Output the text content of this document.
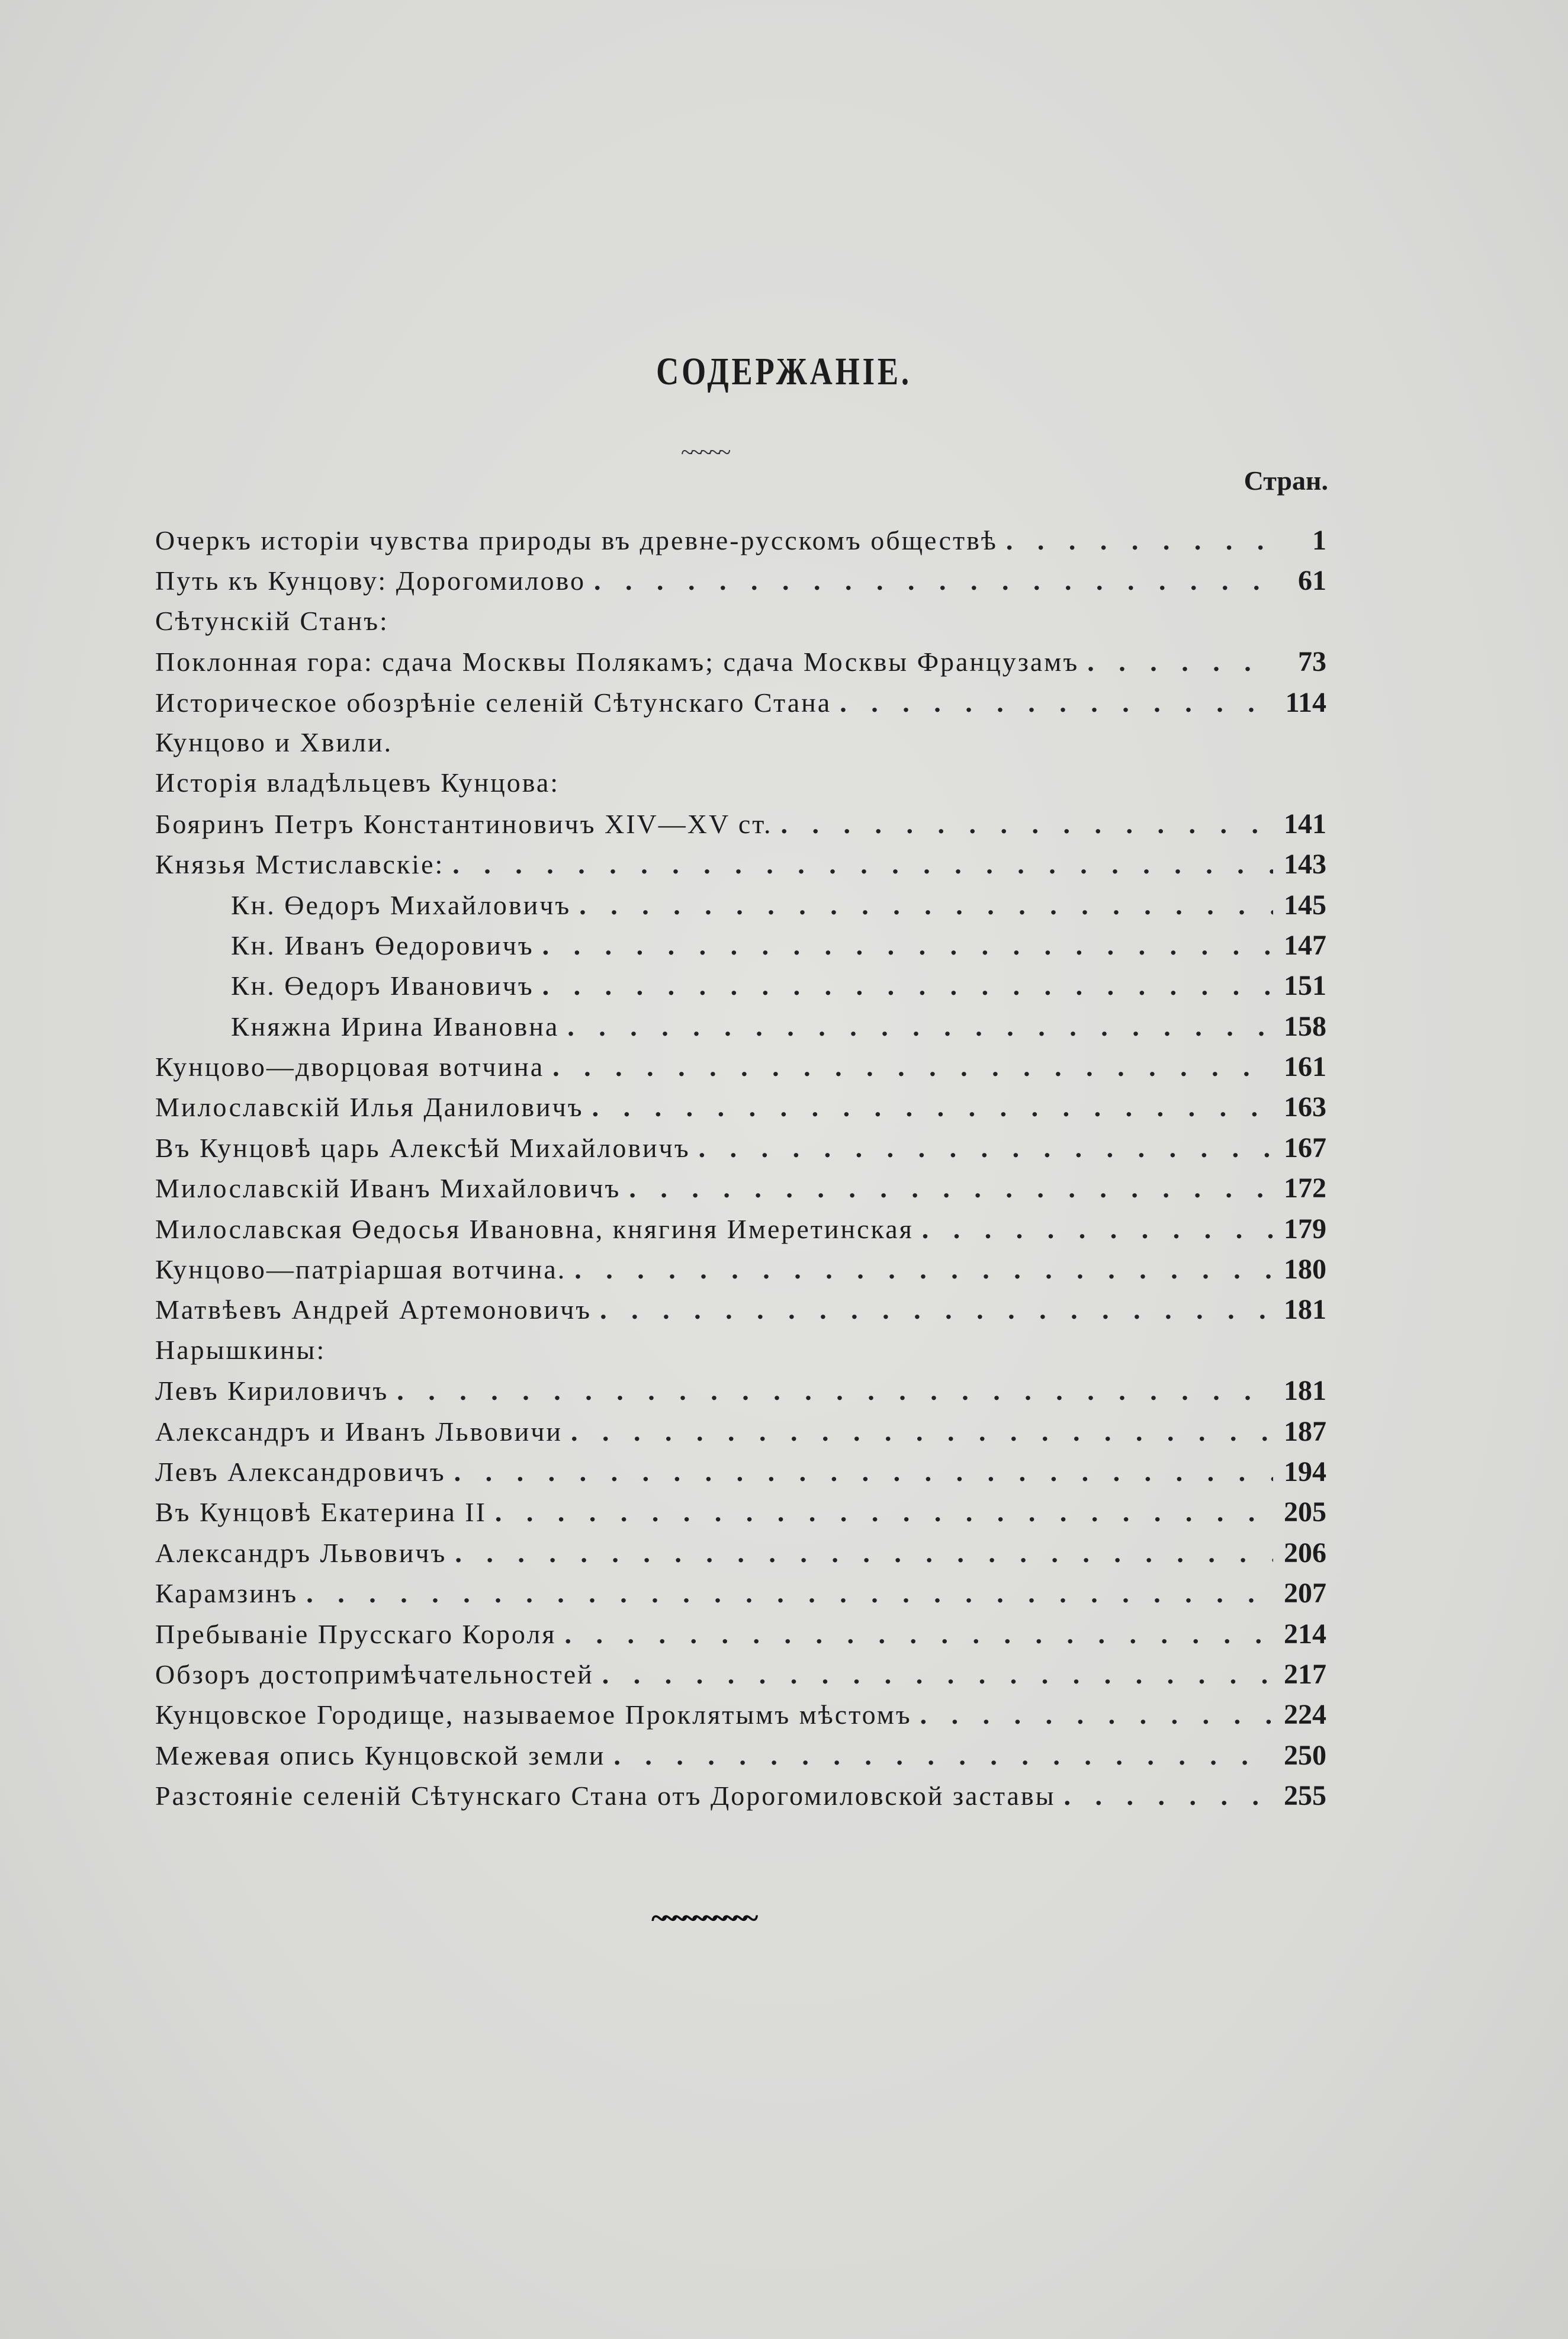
СОДЕРЖАНІЕ.
~~~~~
Стран.
Очеркъ исторіи чувства природы въ древне-русскомъ обществѣ . . .	1
Путь къ Кунцову: Дорогомилово . . .	61
Сѣтунскій Станъ:
Поклонная гора: сдача Москвы Полякамъ; сдача Москвы Французамъ . . .	73
Историческое обозрѣніе селеній Сѣтунскаго Стана . . .	114
Кунцово и Хвили.
Исторія владѣльцевъ Кунцова:
Бояринъ Петръ Константиновичъ XIV—XV ст. . . .	141
Князья Мстиславскіе: . . .	143
Кн. Өедоръ Михайловичъ . . .	145
Кн. Иванъ Өедоровичъ . . .	147
Кн. Өедоръ Ивановичъ . . .	151
Княжна Ирина Ивановна . . .	158
Кунцово—дворцовая вотчина . . .	161
Милославскій Илья Даниловичъ . . .	163
Въ Кунцовѣ царь Алексѣй Михайловичъ . . .	167
Милославскій Иванъ Михайловичъ . . .	172
Милославская Өедосья Ивановна, княгиня Имеретинская . . .	179
Кунцово—патріаршая вотчина. . . .	180
Матвѣевъ Андрей Артемоновичъ . . .	181
Нарышкины:
Левъ Кириловичъ . . .	181
Александръ и Иванъ Львовичи . . .	187
Левъ Александровичъ . . .	194
Въ Кунцовѣ Екатерина II . . .	205
Александръ Львовичъ . . .	206
Карамзинъ . . .	207
Пребываніе Прусскаго Короля . . .	214
Обзоръ достопримѣчательностей . . .	217
Кунцовское Городище, называемое Проклятымъ мѣстомъ . . .	224
Межевая опись Кунцовской земли . . .	250
Разстояніе селеній Сѣтунскаго Стана отъ Дорогомиловской заставы . . .	255
~~~~~~~~~~
